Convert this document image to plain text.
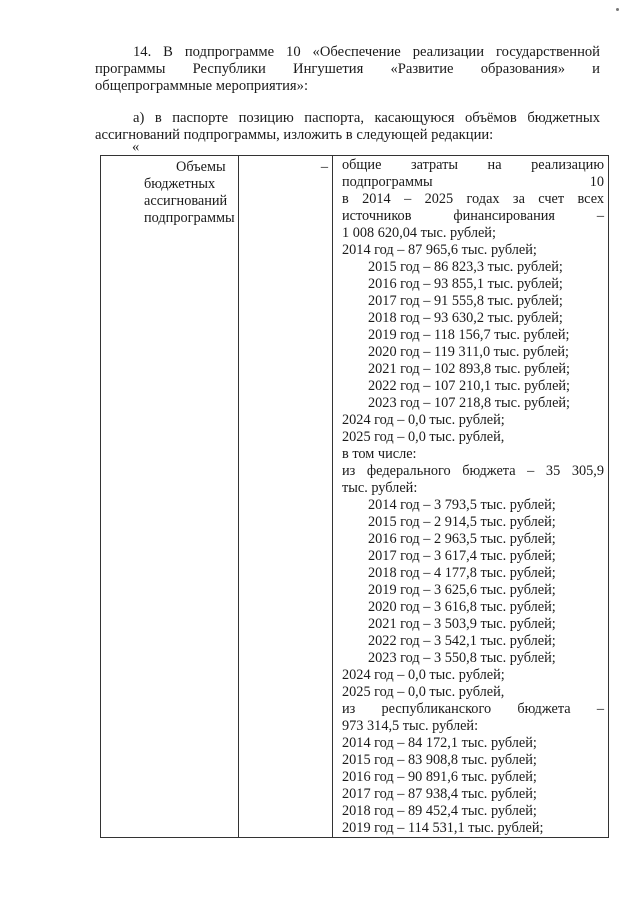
14. В подпрограмме 10 «Обеспечение реализации государственной программы Республики Ингушетия «Развитие образования» и общепрограммные мероприятия»:
а) в паспорте позицию паспорта, касающуюся объёмов бюджетных ассигнований подпрограммы, изложить в следующей редакции:
«
Объемы
бюджетных
ассигнований
подпрограммы
	–	общие затраты на реализацию
подпрограммы	10
в 2014 – 2025 годах за счет всех
источников финансирования –
1 008 620,04 тыс. рублей;
2014 год – 87 965,6 тыс. рублей;
2015 год – 86 823,3 тыс. рублей;
2016 год – 93 855,1 тыс. рублей;
2017 год – 91 555,8 тыс. рублей;
2018 год – 93 630,2 тыс. рублей;
2019 год – 118 156,7 тыс. рублей;
2020 год – 119 311,0 тыс. рублей;
2021 год – 102 893,8 тыс. рублей;
2022 год – 107 210,1 тыс. рублей;
2023 год – 107 218,8 тыс. рублей;
2024 год – 0,0 тыс. рублей;
2025 год – 0,0 тыс. рублей,
в том числе:
из федерального бюджета – 35 305,9
тыс. рублей:
2014 год – 3 793,5 тыс. рублей;
2015 год – 2 914,5 тыс. рублей;
2016 год – 2 963,5 тыс. рублей;
2017 год – 3 617,4 тыс. рублей;
2018 год – 4 177,8 тыс. рублей;
2019 год – 3 625,6 тыс. рублей;
2020 год – 3 616,8 тыс. рублей;
2021 год – 3 503,9 тыс. рублей;
2022 год – 3 542,1 тыс. рублей;
2023 год – 3 550,8 тыс. рублей;
2024 год – 0,0 тыс. рублей;
2025 год – 0,0 тыс. рублей,
из республиканского бюджета –
973 314,5 тыс. рублей:
2014 год – 84 172,1 тыс. рублей;
2015 год – 83 908,8 тыс. рублей;
2016 год – 90 891,6 тыс. рублей;
2017 год – 87 938,4 тыс. рублей;
2018 год – 89 452,4 тыс. рублей;
2019 год – 114 531,1 тыс. рублей;
